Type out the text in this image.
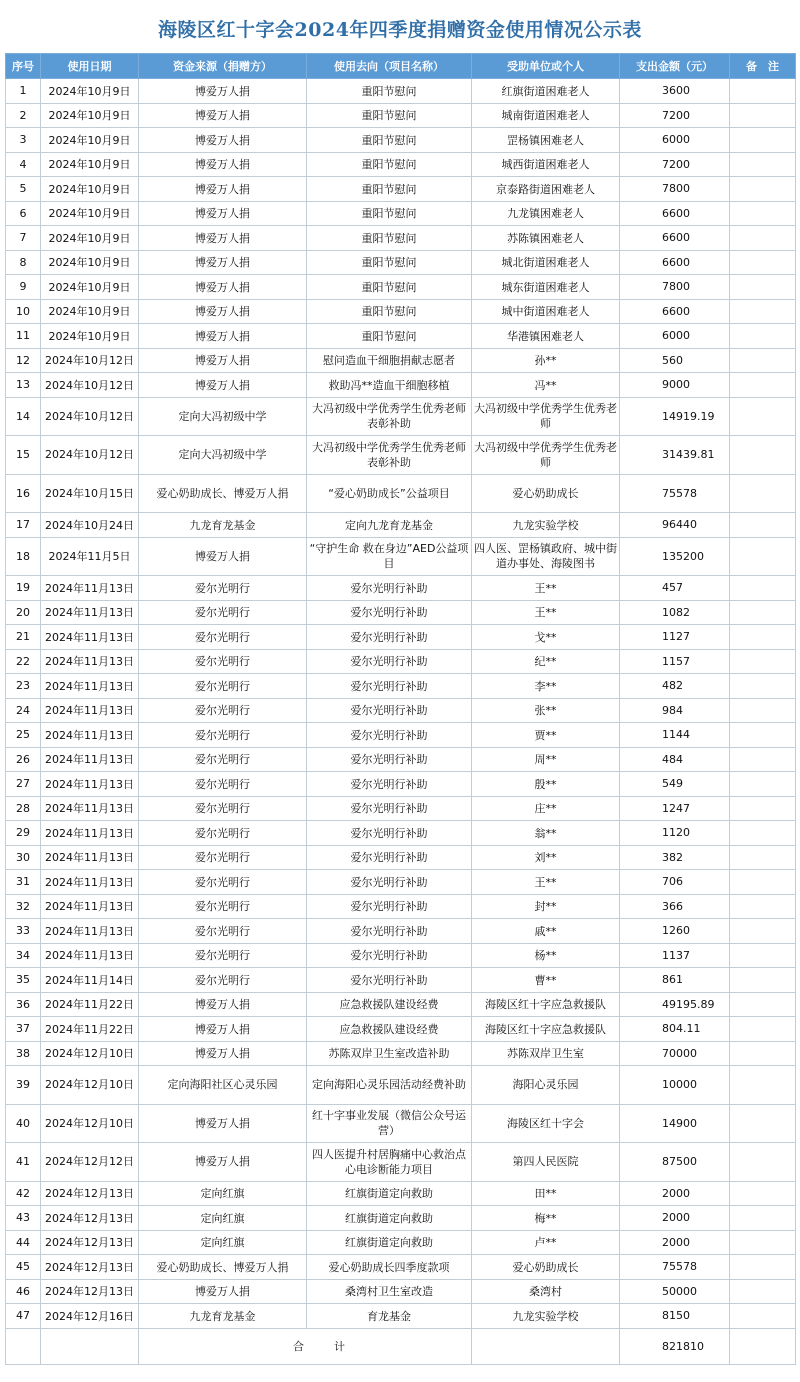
海陵区红十字会2024年四季度捐赠资金使用情况公示表
序号	使用日期	资金来源（捐赠方）	使用去向（项目名称）	受助单位或个人	支出金额（元）	备　注
1	2024年10月9日	博爱万人捐	重阳节慰问	红旗街道困难老人	3600	
2	2024年10月9日	博爱万人捐	重阳节慰问	城南街道困难老人	7200	
3	2024年10月9日	博爱万人捐	重阳节慰问	罡杨镇困难老人	6000	
4	2024年10月9日	博爱万人捐	重阳节慰问	城西街道困难老人	7200	
5	2024年10月9日	博爱万人捐	重阳节慰问	京泰路街道困难老人	7800	
6	2024年10月9日	博爱万人捐	重阳节慰问	九龙镇困难老人	6600	
7	2024年10月9日	博爱万人捐	重阳节慰问	苏陈镇困难老人	6600	
8	2024年10月9日	博爱万人捐	重阳节慰问	城北街道困难老人	6600	
9	2024年10月9日	博爱万人捐	重阳节慰问	城东街道困难老人	7800	
10	2024年10月9日	博爱万人捐	重阳节慰问	城中街道困难老人	6600	
11	2024年10月9日	博爱万人捐	重阳节慰问	华港镇困难老人	6000	
12	2024年10月12日	博爱万人捐	慰问造血干细胞捐献志愿者	孙**	560	
13	2024年10月12日	博爱万人捐	救助冯**造血干细胞移植	冯**	9000	
14	2024年10月12日	定向大冯初级中学	大冯初级中学优秀学生优秀老师表彰补助	大冯初级中学优秀学生优秀老师	14919.19	
15	2024年10月12日	定向大冯初级中学	大冯初级中学优秀学生优秀老师表彰补助	大冯初级中学优秀学生优秀老师	31439.81	
16	2024年10月15日	爱心奶助成长、博爱万人捐	“爱心奶助成长”公益项目	爱心奶助成长	75578	
17	2024年10月24日	九龙育龙基金	定向九龙育龙基金	九龙实验学校	96440	
18	2024年11月5日	博爱万人捐	“守护生命 救在身边”AED公益项目	四人医、罡杨镇政府、城中街道办事处、海陵图书	135200	
19	2024年11月13日	爱尔光明行	爱尔光明行补助	王**	457	
20	2024年11月13日	爱尔光明行	爱尔光明行补助	王**	1082	
21	2024年11月13日	爱尔光明行	爱尔光明行补助	戈**	1127	
22	2024年11月13日	爱尔光明行	爱尔光明行补助	纪**	1157	
23	2024年11月13日	爱尔光明行	爱尔光明行补助	李**	482	
24	2024年11月13日	爱尔光明行	爱尔光明行补助	张**	984	
25	2024年11月13日	爱尔光明行	爱尔光明行补助	贾**	1144	
26	2024年11月13日	爱尔光明行	爱尔光明行补助	周**	484	
27	2024年11月13日	爱尔光明行	爱尔光明行补助	殷**	549	
28	2024年11月13日	爱尔光明行	爱尔光明行补助	庄**	1247	
29	2024年11月13日	爱尔光明行	爱尔光明行补助	翁**	1120	
30	2024年11月13日	爱尔光明行	爱尔光明行补助	刘**	382	
31	2024年11月13日	爱尔光明行	爱尔光明行补助	王**	706	
32	2024年11月13日	爱尔光明行	爱尔光明行补助	封**	366	
33	2024年11月13日	爱尔光明行	爱尔光明行补助	戚**	1260	
34	2024年11月13日	爱尔光明行	爱尔光明行补助	杨**	1137	
35	2024年11月14日	爱尔光明行	爱尔光明行补助	曹**	861	
36	2024年11月22日	博爱万人捐	应急救援队建设经费	海陵区红十字应急救援队	49195.89	
37	2024年11月22日	博爱万人捐	应急救援队建设经费	海陵区红十字应急救援队	804.11	
38	2024年12月10日	博爱万人捐	苏陈双岸卫生室改造补助	苏陈双岸卫生室	70000	
39	2024年12月10日	定向海阳社区心灵乐园	定向海阳心灵乐园活动经费补助	海阳心灵乐园	10000	
40	2024年12月10日	博爱万人捐	红十字事业发展（微信公众号运营）	海陵区红十字会	14900	
41	2024年12月12日	博爱万人捐	四人医提升村居胸痛中心救治点心电诊断能力项目	第四人民医院	87500	
42	2024年12月13日	定向红旗	红旗街道定向救助	田**	2000	
43	2024年12月13日	定向红旗	红旗街道定向救助	梅**	2000	
44	2024年12月13日	定向红旗	红旗街道定向救助	卢**	2000	
45	2024年12月13日	爱心奶助成长、博爱万人捐	爱心奶助成长四季度款项	爱心奶助成长	75578	
46	2024年12月13日	博爱万人捐	桑湾村卫生室改造	桑湾村	50000	
47	2024年12月16日	九龙育龙基金	育龙基金	九龙实验学校	8150	
		合计			821810	
